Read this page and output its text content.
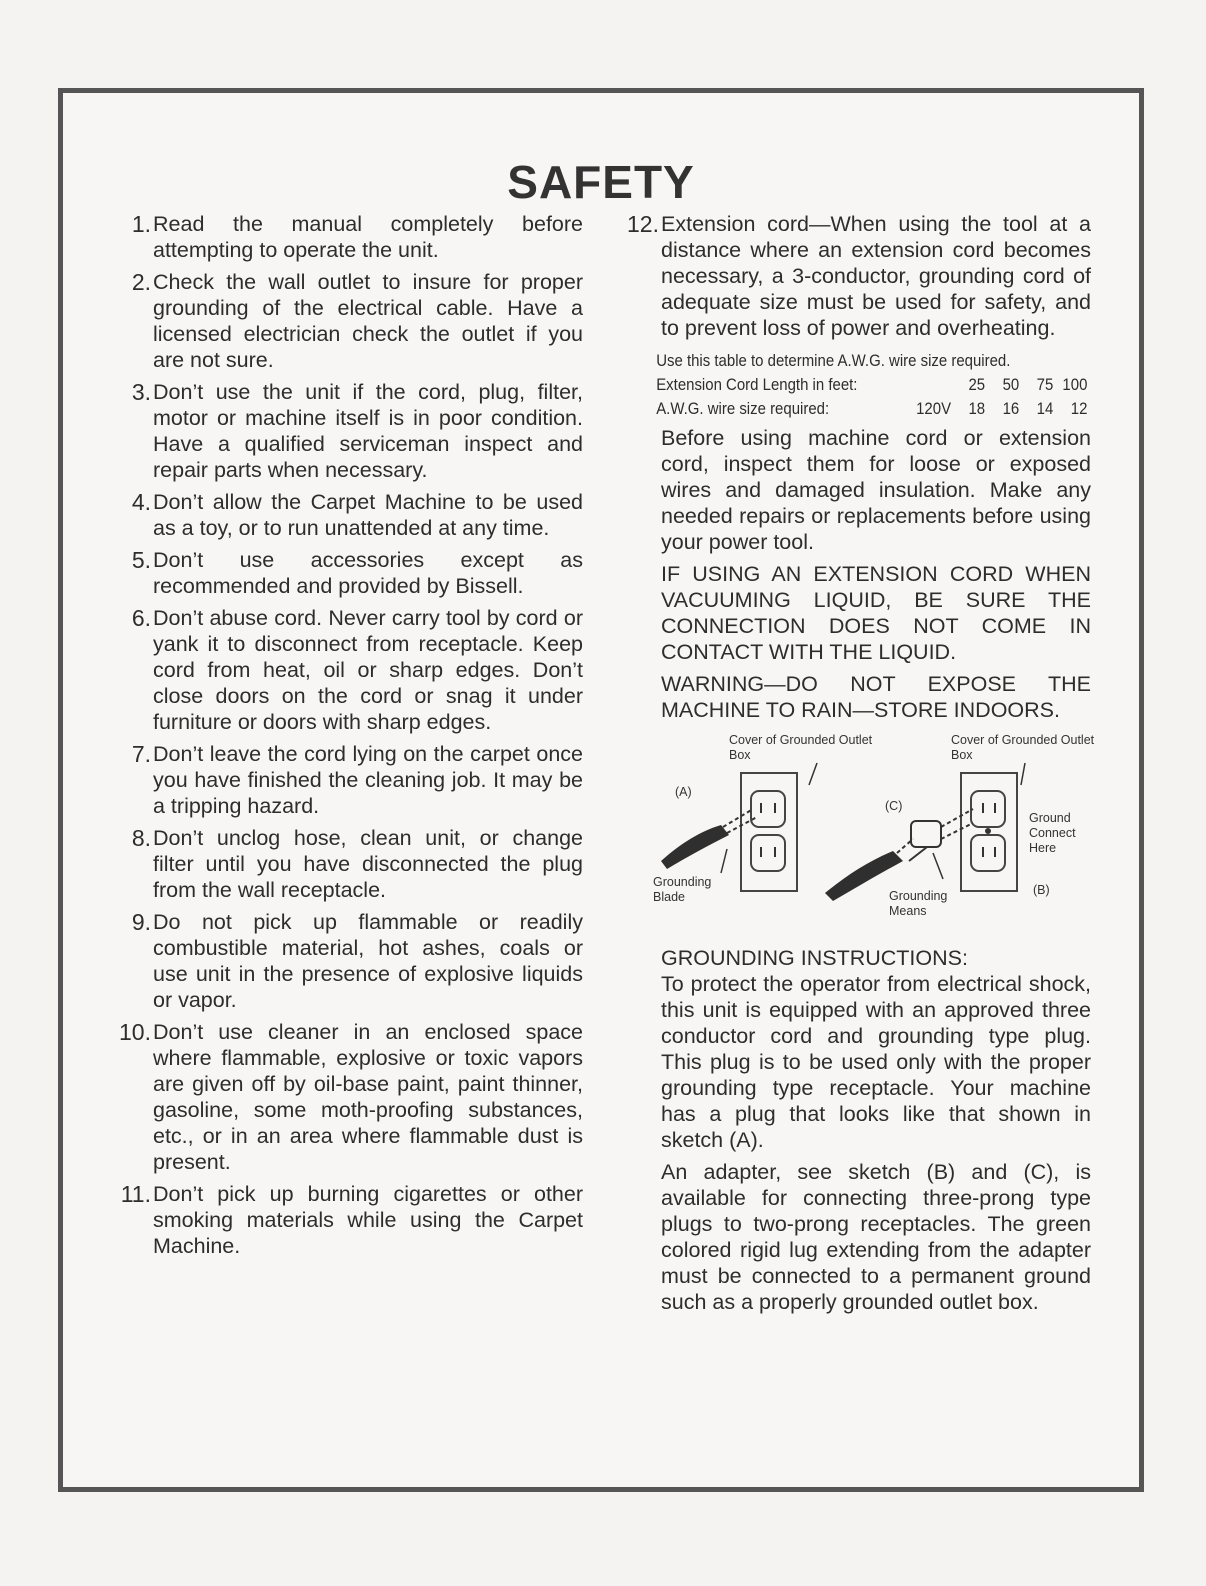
SAFETY
1. Read the manual completely before attempting to operate the unit.
2. Check the wall outlet to insure for proper grounding of the electrical cable. Have a licensed electrician check the outlet if you are not sure.
3. Don’t use the unit if the cord, plug, filter, motor or machine itself is in poor condition. Have a qualified serviceman inspect and repair parts when necessary.
4. Don’t allow the Carpet Machine to be used as a toy, or to run unattended at any time.
5. Don’t use accessories except as recommended and provided by Bissell.
6. Don’t abuse cord. Never carry tool by cord or yank it to disconnect from receptacle. Keep cord from heat, oil or sharp edges. Don’t close doors on the cord or snag it under furniture or doors with sharp edges.
7. Don’t leave the cord lying on the carpet once you have finished the cleaning job. It may be a tripping hazard.
8. Don’t unclog hose, clean unit, or change filter until you have disconnected the plug from the wall receptacle.
9. Do not pick up flammable or readily combustible material, hot ashes, coals or use unit in the presence of explosive liquids or vapor.
10. Don’t use cleaner in an enclosed space where flammable, explosive or toxic vapors are given off by oil-base paint, paint thinner, gasoline, some moth-proofing substances, etc., or in an area where flammable dust is present.
11. Don’t pick up burning cigarettes or other smoking materials while using the Carpet Machine.
12. Extension cord—When using the tool at a distance where an extension cord becomes necessary, a 3-conductor, grounding cord of adequate size must be used for safety, and to prevent loss of power and overheating.
Use this table to determine A.W.G. wire size required.
Extension Cord Length in feet:	25 50 75 100
A.W.G. wire size required:	120V 18 16 14 12
Before using machine cord or extension cord, inspect them for loose or exposed wires and damaged insulation. Make any needed repairs or replacements before using your power tool.
IF USING AN EXTENSION CORD WHEN VACUUMING LIQUID, BE SURE THE CONNECTION DOES NOT COME IN CONTACT WITH THE LIQUID.
WARNING—DO NOT EXPOSE THE MACHINE TO RAIN—STORE INDOORS.
Cover of Grounded Outlet Box
Cover of Grounded Outlet Box
(A)
(C)
(B)
Grounding Blade	Grounding Means
Ground Connect Here
GROUNDING INSTRUCTIONS:
To protect the operator from electrical shock, this unit is equipped with an approved three conductor cord and grounding type plug. This plug is to be used only with the proper grounding type receptacle. Your machine has a plug that looks like that shown in sketch (A).
An adapter, see sketch (B) and (C), is available for connecting three-prong type plugs to two-prong receptacles. The green colored rigid lug extending from the adapter must be connected to a permanent ground such as a properly grounded outlet box.
